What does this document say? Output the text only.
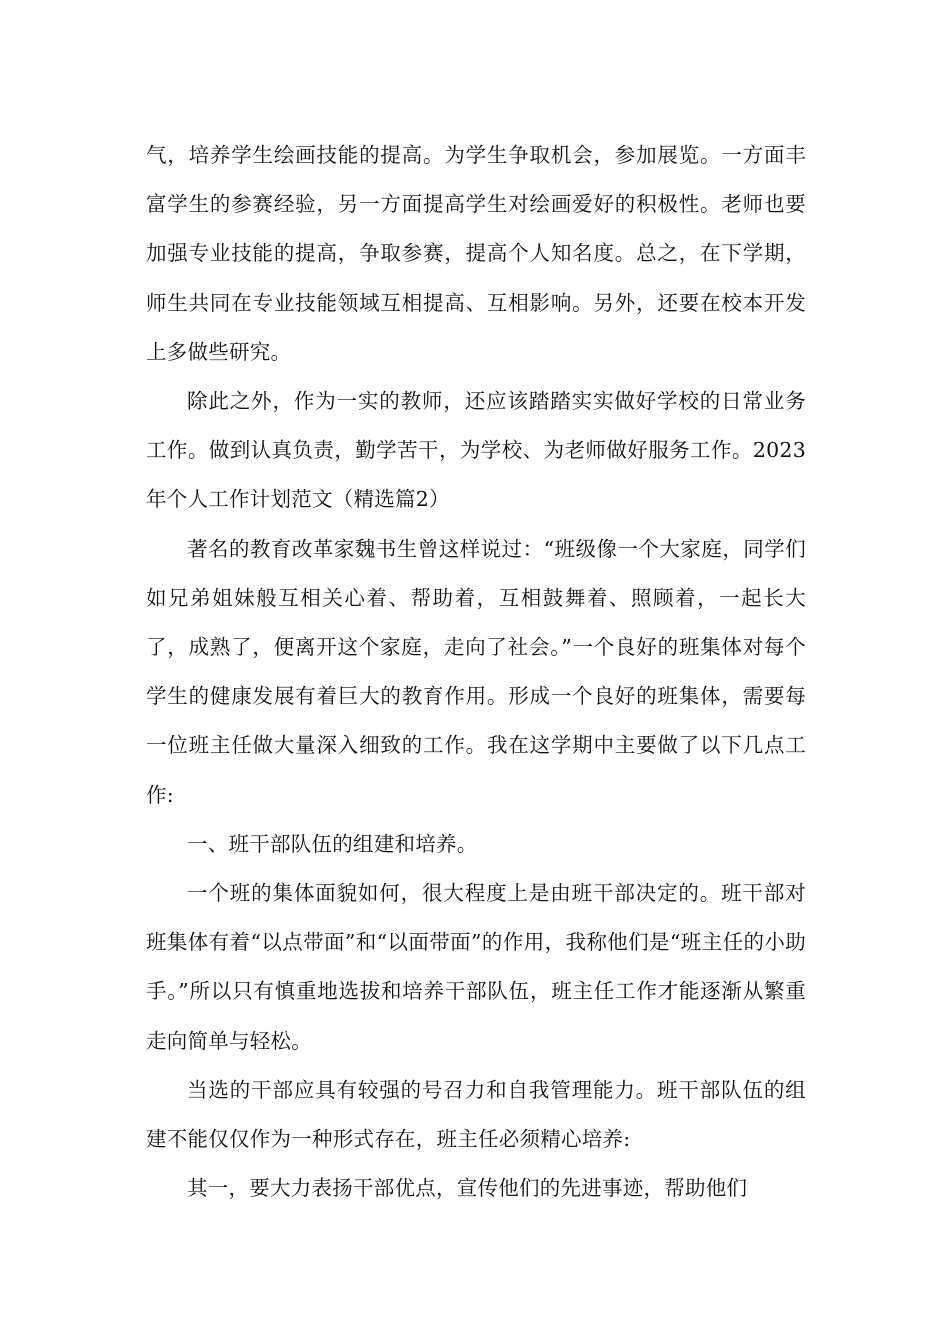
气，培养学生绘画技能的提高。为学生争取机会，参加展览。一方面丰富学生的参赛经验，另一方面提高学生对绘画爱好的积极性。老师也要加强专业技能的提高，争取参赛，提高个人知名度。总之，在下学期，师生共同在专业技能领域互相提高、互相影响。另外，还要在校本开发上多做些研究。

除此之外，作为一实的教师，还应该踏踏实实做好学校的日常业务工作。做到认真负责，勤学苦干，为学校、为老师做好服务工作。2023年个人工作计划范文（精选篇2）

著名的教育改革家魏书生曾这样说过：“班级像一个大家庭，同学们如兄弟姐妹般互相关心着、帮助着，互相鼓舞着、照顾着，一起长大了，成熟了，便离开这个家庭，走向了社会。”一个良好的班集体对每个学生的健康发展有着巨大的教育作用。形成一个良好的班集体，需要每一位班主任做大量深入细致的工作。我在这学期中主要做了以下几点工作:

一、班干部队伍的组建和培养。

一个班的集体面貌如何，很大程度上是由班干部决定的。班干部对班集体有着“以点带面”和“以面带面”的作用，我称他们是“班主任的小助手。”所以只有慎重地选拔和培养干部队伍，班主任工作才能逐渐从繁重走向简单与轻松。

当选的干部应具有较强的号召力和自我管理能力。班干部队伍的组建不能仅仅作为一种形式存在，班主任必须精心培养:

其一，要大力表扬干部优点，宣传他们的先进事迹，帮助他们
